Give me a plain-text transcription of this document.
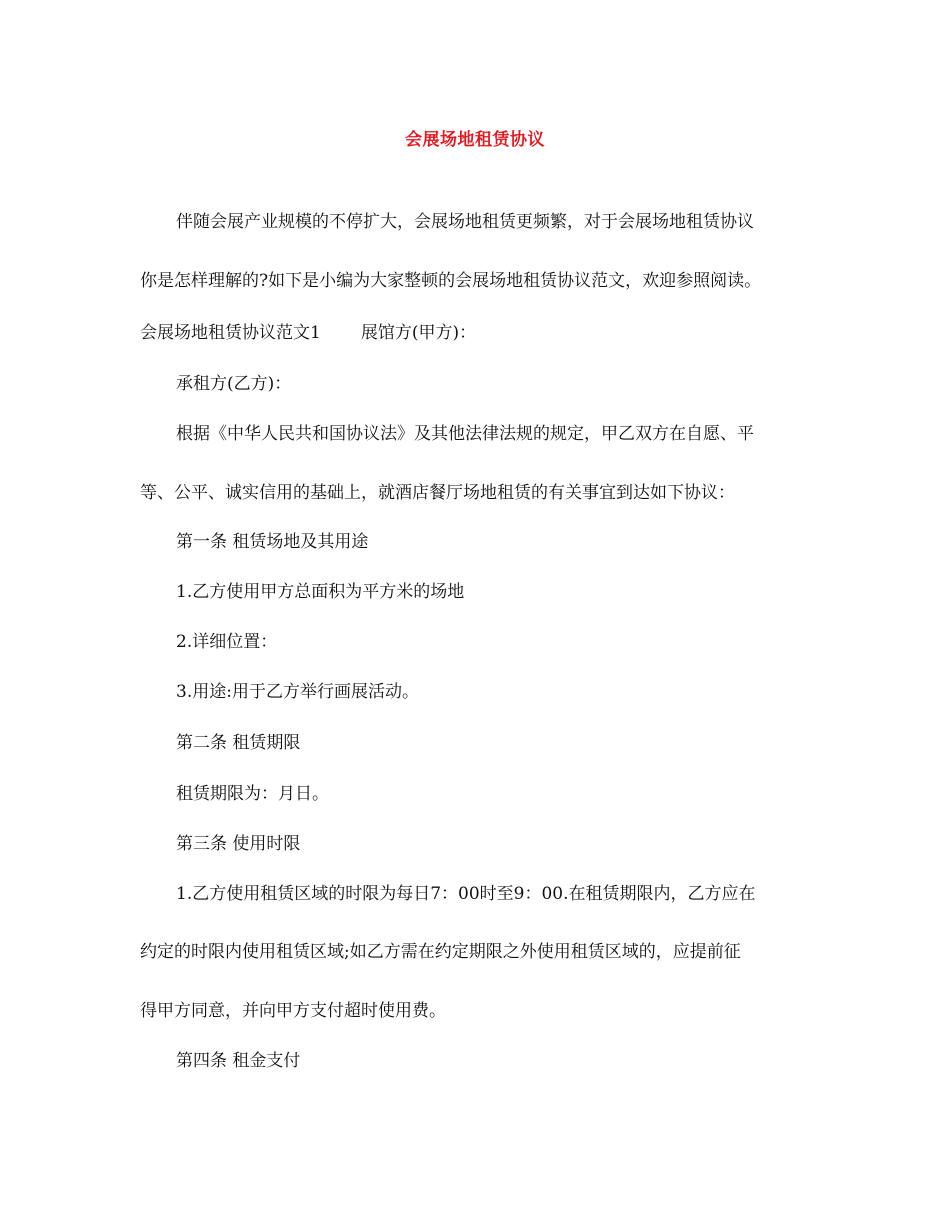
会展场地租赁协议
伴随会展产业规模的不停扩大，会展场地租赁更频繁，对于会展场地租赁协议
你是怎样理解的?如下是小编为大家整顿的会展场地租赁协议范文，欢迎参照阅读。
会展场地租赁协议范文1 展馆方(甲方)：
承租方(乙方)：
根据《中华人民共和国协议法》及其他法律法规的规定，甲乙双方在自愿、平
等、公平、诚实信用的基础上，就酒店餐厅场地租赁的有关事宜到达如下协议：
第一条 租赁场地及其用途
1.乙方使用甲方总面积为平方米的场地
2.详细位置：
3.用途:用于乙方举行画展活动。
第二条 租赁期限
租赁期限为：月日。
第三条 使用时限
1.乙方使用租赁区域的时限为每日7：00时至9：00.在租赁期限内，乙方应在
约定的时限内使用租赁区域;如乙方需在约定期限之外使用租赁区域的，应提前征
得甲方同意，并向甲方支付超时使用费。
第四条 租金支付
